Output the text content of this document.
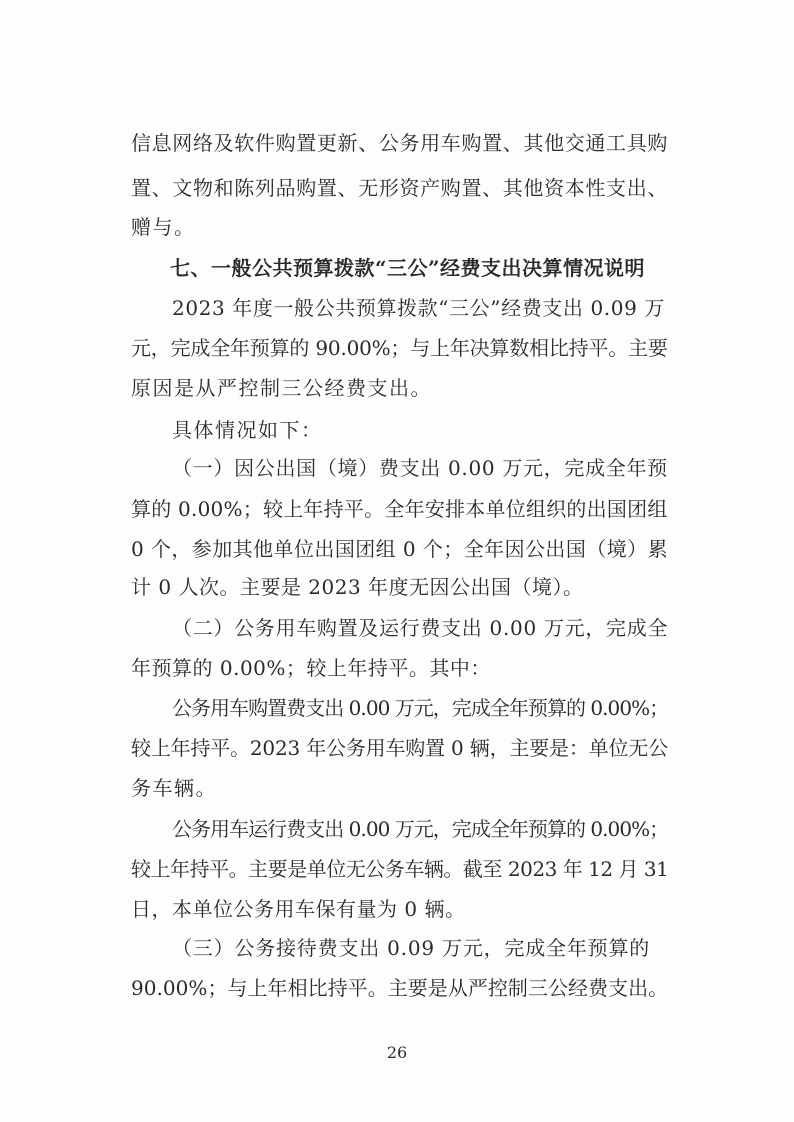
信息网络及软件购置更新、公务用车购置、其他交通工具购
置、文物和陈列品购置、无形资产购置、其他资本性支出、
赠与。
七、一般公共预算拨款“三公”经费支出决算情况说明
2023 年度一般公共预算拨款“三公”经费支出 0.09 万
元，完成全年预算的 90.00%；与上年决算数相比持平。主要
原因是从严控制三公经费支出。
具体情况如下：
（一）因公出国（境）费支出 0.00 万元，完成全年预
算的 0.00%；较上年持平。全年安排本单位组织的出国团组
0 个，参加其他单位出国团组 0 个；全年因公出国（境）累
计 0 人次。主要是 2023 年度无因公出国（境）。
（二）公务用车购置及运行费支出 0.00 万元，完成全
年预算的 0.00%；较上年持平。其中：
公务用车购置费支出 0.00 万元，完成全年预算的 0.00%；
较上年持平。2023 年公务用车购置 0 辆，主要是：单位无公
务车辆。
公务用车运行费支出 0.00 万元，完成全年预算的 0.00%；
较上年持平。主要是单位无公务车辆。截至 2023 年 12 月 31
日，本单位公务用车保有量为 0 辆。
（三）公务接待费支出 0.09 万元，完成全年预算的
90.00%；与上年相比持平。主要是从严控制三公经费支出。
26
